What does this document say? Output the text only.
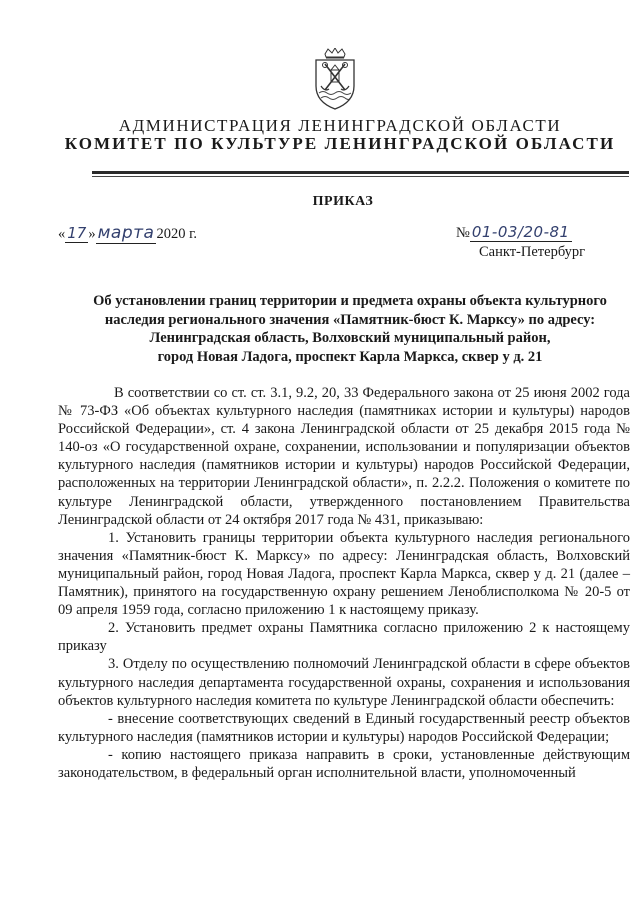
АДМИНИСТРАЦИЯ ЛЕНИНГРАДСКОЙ ОБЛАСТИ
КОМИТЕТ ПО КУЛЬТУРЕ ЛЕНИНГРАДСКОЙ ОБЛАСТИ
ПРИКАЗ
« 17 » марта 2020 г.	№ 01-03/20-81
Санкт-Петербург
Об установлении границ территории и предмета охраны объекта культурного
наследия регионального значения «Памятник-бюст К. Марксу» по адресу:
Ленинградская область, Волховский муниципальный район,
город Новая Ладога, проспект Карла Маркса, сквер у д. 21

В соответствии со ст. ст. 3.1, 9.2, 20, 33 Федерального закона от 25 июня 2002 года № 73-ФЗ «Об объектах культурного наследия (памятниках истории и культуры) народов Российской Федерации», ст. 4 закона Ленинградской области от 25 декабря 2015 года № 140-оз «О государственной охране, сохранении, использовании и популяризации объектов культурного наследия (памятников истории и культуры) народов Российской Федерации, расположенных на территории Ленинградской области», п. 2.2.2. Положения о комитете по культуре Ленинградской области, утвержденного постановлением Правительства Ленинградской области от 24 октября 2017 года № 431, приказываю:

1. Установить границы территории объекта культурного наследия регионального значения «Памятник-бюст К. Марксу» по адресу: Ленинградская область, Волховский муниципальный район, город Новая Ладога, проспект Карла Маркса, сквер у д. 21 (далее – Памятник), принятого на государственную охрану решением Леноблисполкома № 20-5 от 09 апреля 1959 года, согласно приложению 1 к настоящему приказу.

2. Установить предмет охраны Памятника согласно приложению 2 к настоящему приказу

3. Отделу по осуществлению полномочий Ленинградской области в сфере объектов культурного наследия департамента государственной охраны, сохранения и использования объектов культурного наследия комитета по культуре Ленинградской области обеспечить:

- внесение соответствующих сведений в Единый государственный реестр объектов культурного наследия (памятников истории и культуры) народов Российской Федерации;

- копию настоящего приказа направить в сроки, установленные действующим законодательством, в федеральный орган исполнительной власти, уполномоченный
